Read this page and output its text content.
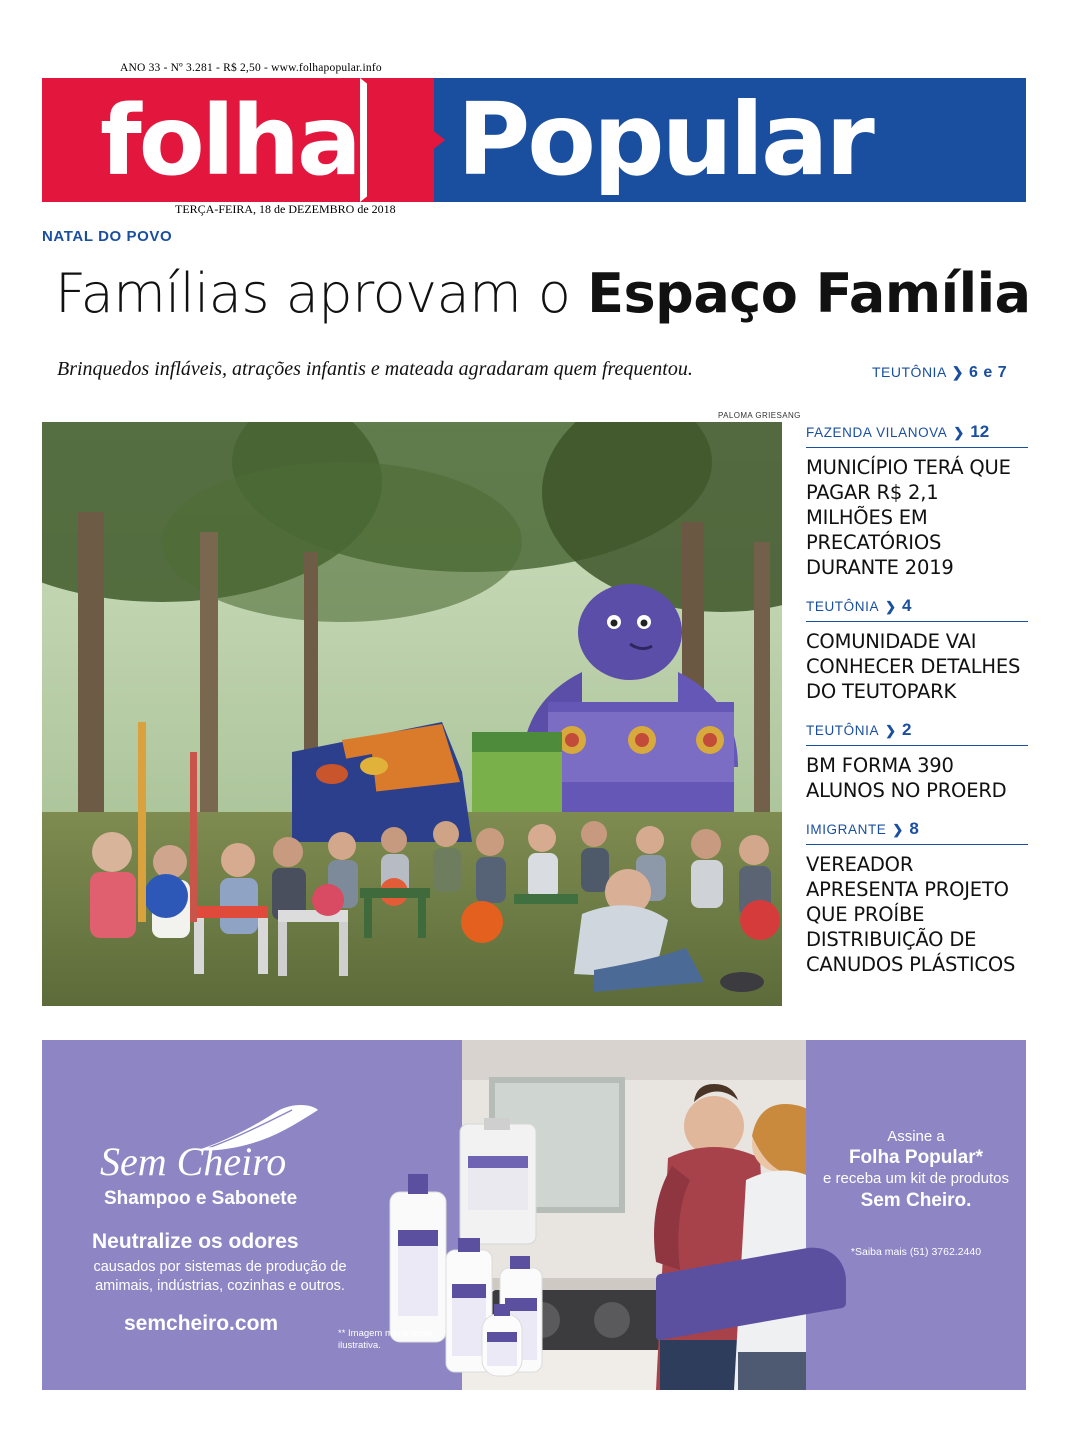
ANO 33 - Nº 3.281 - R$ 2,50 - www.folhapopular.info
folha Popular
TERÇA-FEIRA, 18 de DEZEMBRO de 2018
NATAL DO POVO
Famílias aprovam o Espaço Família
Brinquedos infláveis, atrações infantis e mateada agradaram quem frequentou.	TEUTÔNIA ❯ 6 e 7
PALOMA GRIESANG
FAZENDA VILANOVA ❯ 12
MUNICÍPIO TERÁ QUE PAGAR R$ 2,1 MILHÕES EM PRECATÓRIOS DURANTE 2019
TEUTÔNIA ❯ 4
COMUNIDADE VAI CONHECER DETALHES DO TEUTOPARK
TEUTÔNIA ❯ 2
BM FORMA 390 ALUNOS NO PROERD
IMIGRANTE ❯ 8
VEREADOR APRESENTA PROJETO QUE PROÍBE DISTRIBUIÇÃO DE CANUDOS PLÁSTICOS
Sem Cheiro
Shampoo e Sabonete
Neutralize os odores
causados por sistemas de produção de amimais, indústrias, cozinhas e outros.
semcheiro.com	** Imagem meramente ilustrativa.
Assine a
Folha Popular*
e receba um kit de produtos
Sem Cheiro.
*Saiba mais (51) 3762.2440
